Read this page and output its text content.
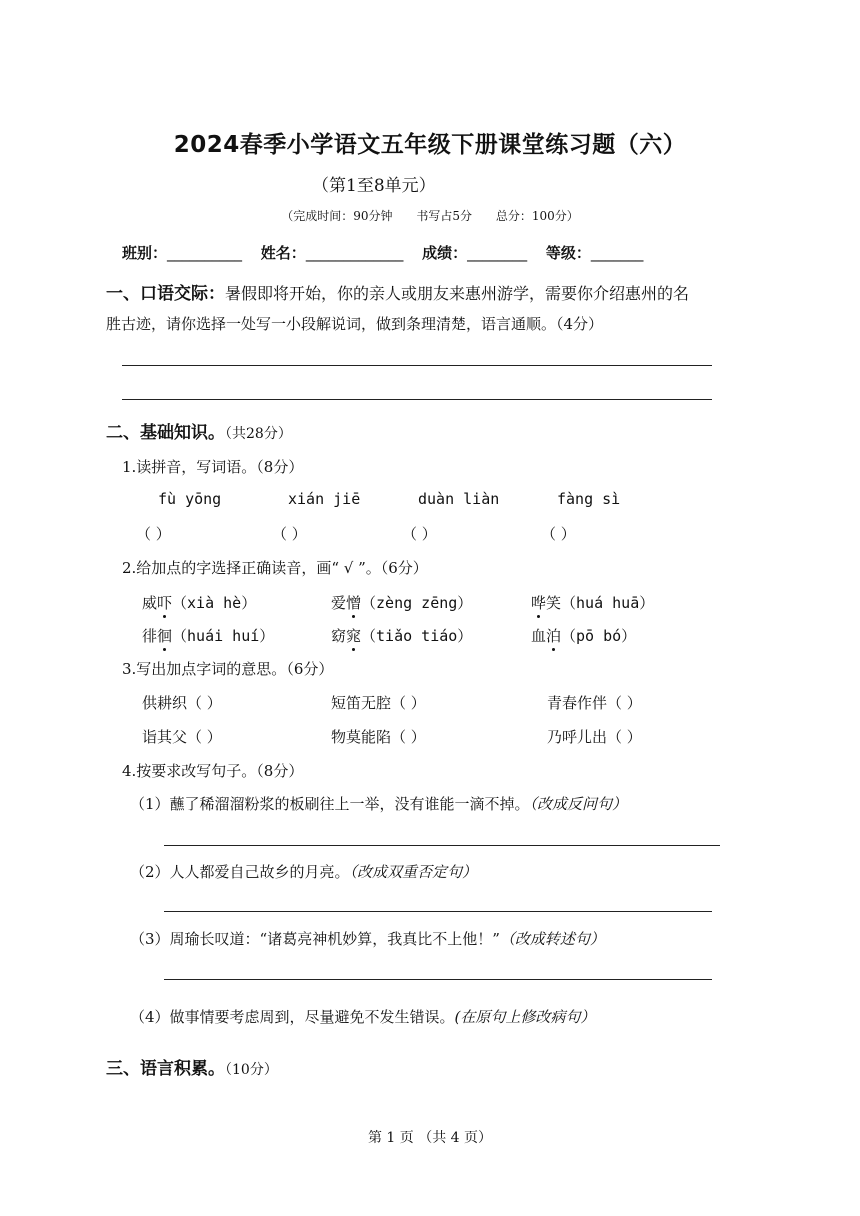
2024春季小学语文五年级下册课堂练习题（六）
（第1至8单元）
（完成时间：90分钟 书写占5分 总分：100分）
班别：__________ 姓名：_____________ 成绩：________ 等级：_______
一、口语交际：暑假即将开始，你的亲人或朋友来惠州游学，需要你介绍惠州的名
胜古迹，请你选择一处写一小段解说词，做到条理清楚，语言通顺。（4分）
二、基础知识。（共28分）
1.读拼音，写词语。（8分）
fù yōng	xián jiē	duàn liàn	fàng sì
（ ）	（ ）	（ ）	（ ）
2.给加点的字选择正确读音，画“ √ ”。（6分）
威吓（xià hè）	爱憎（zèng zēng）	哗笑（huá huā）
徘徊（huái huí）	窈窕（tiǎo tiáo）	血泊（pō bó）
3.写出加点字词的意思。（6分）
供耕织（ ）	短笛无腔（ ）	青春作伴（ ）
诣其父（ ）	物莫能陷（ ）	乃呼儿出（ ）
4.按要求改写句子。（8分）
（1）蘸了稀溜溜粉浆的板刷往上一举，没有谁能一滴不掉。（改成反问句）
（2）人人都爱自己故乡的月亮。（改成双重否定句）
（3）周瑜长叹道：“诸葛亮神机妙算，我真比不上他！”（改成转述句）
（4）做事情要考虑周到，尽量避免不发生错误。(在原句上修改病句）
三、语言积累。（10分）
第 1 页 （共 4 页）
